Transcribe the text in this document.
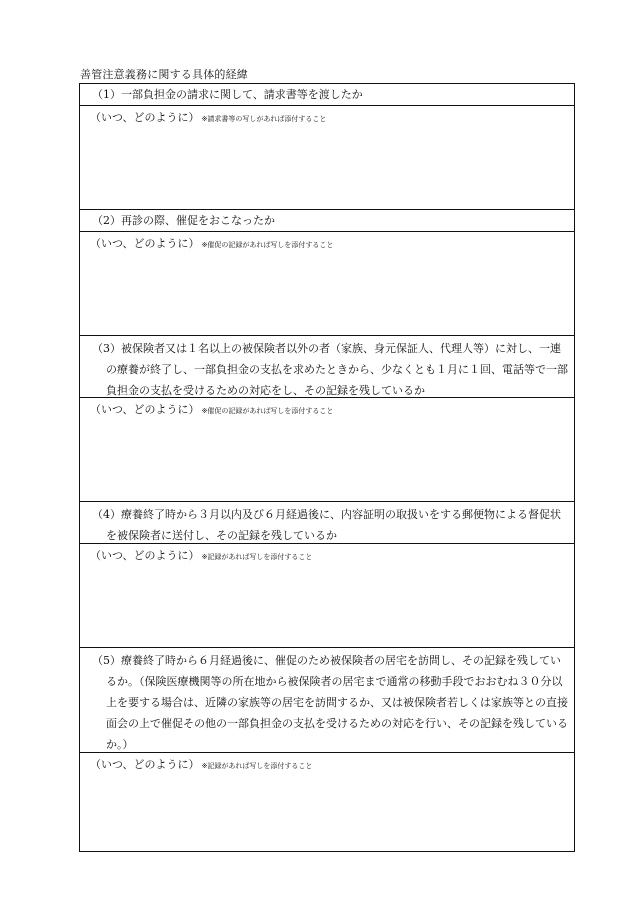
善管注意義務に関する具体的経緯
（1）一部負担金の請求に関して、請求書等を渡したか
（いつ、どのように） ※請求書等の写しがあれば添付すること
（2）再診の際、催促をおこなったか
（いつ、どのように） ※催促の記録があれば写しを添付すること
（3）被保険者又は１名以上の被保険者以外の者（家族、身元保証人、代理人等）に対し、一連の療養が終了し、一部負担金の支払を求めたときから、少なくとも１月に１回、電話等で一部負担金の支払を受けるための対応をし、その記録を残しているか
（いつ、どのように） ※催促の記録があれば写しを添付すること
（4）療養終了時から３月以内及び６月経過後に、内容証明の取扱いをする郵便物による督促状を被保険者に送付し、その記録を残しているか
（いつ、どのように） ※記録があれば写しを添付すること
（5）療養終了時から６月経過後に、催促のため被保険者の居宅を訪問し、その記録を残しているか。（保険医療機関等の所在地から被保険者の居宅まで通常の移動手段でおおむね３０分以上を要する場合は、近隣の家族等の居宅を訪問するか、又は被保険者若しくは家族等との直接面会の上で催促その他の一部負担金の支払を受けるための対応を行い、その記録を残しているか。）
（いつ、どのように） ※記録があれば写しを添付すること
